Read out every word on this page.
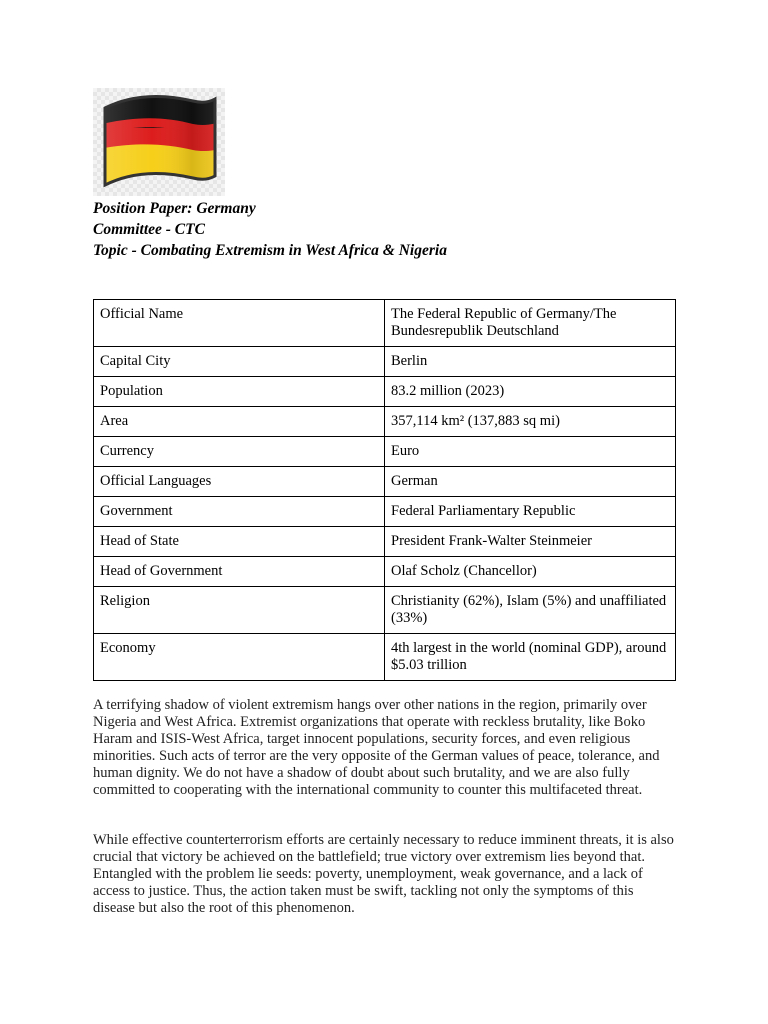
Position Paper: Germany
Committee - CTC
Topic - Combating Extremism in West Africa & Nigeria
Official Name	The Federal Republic of Germany/The Bundesrepublik Deutschland
Capital City	Berlin
Population	83.2 million (2023)
Area	357,114 km² (137,883 sq mi)
Currency	Euro
Official Languages	German
Government	Federal Parliamentary Republic
Head of State	President Frank-Walter Steinmeier
Head of Government	Olaf Scholz (Chancellor)
Religion	Christianity (62%), Islam (5%) and unaffiliated (33%)
Economy	4th largest in the world (nominal GDP), around $5.03 trillion

A terrifying shadow of violent extremism hangs over other nations in the region, primarily over Nigeria and West Africa. Extremist organizations that operate with reckless brutality, like Boko Haram and ISIS-West Africa, target innocent populations, security forces, and even religious minorities. Such acts of terror are the very opposite of the German values of peace, tolerance, and human dignity. We do not have a shadow of doubt about such brutality, and we are also fully committed to cooperating with the international community to counter this multifaceted threat.

While effective counterterrorism efforts are certainly necessary to reduce imminent threats, it is also crucial that victory be achieved on the battlefield; true victory over extremism lies beyond that. Entangled with the problem lie seeds: poverty, unemployment, weak governance, and a lack of access to justice. Thus, the action taken must be swift, tackling not only the symptoms of this disease but also the root of this phenomenon.
